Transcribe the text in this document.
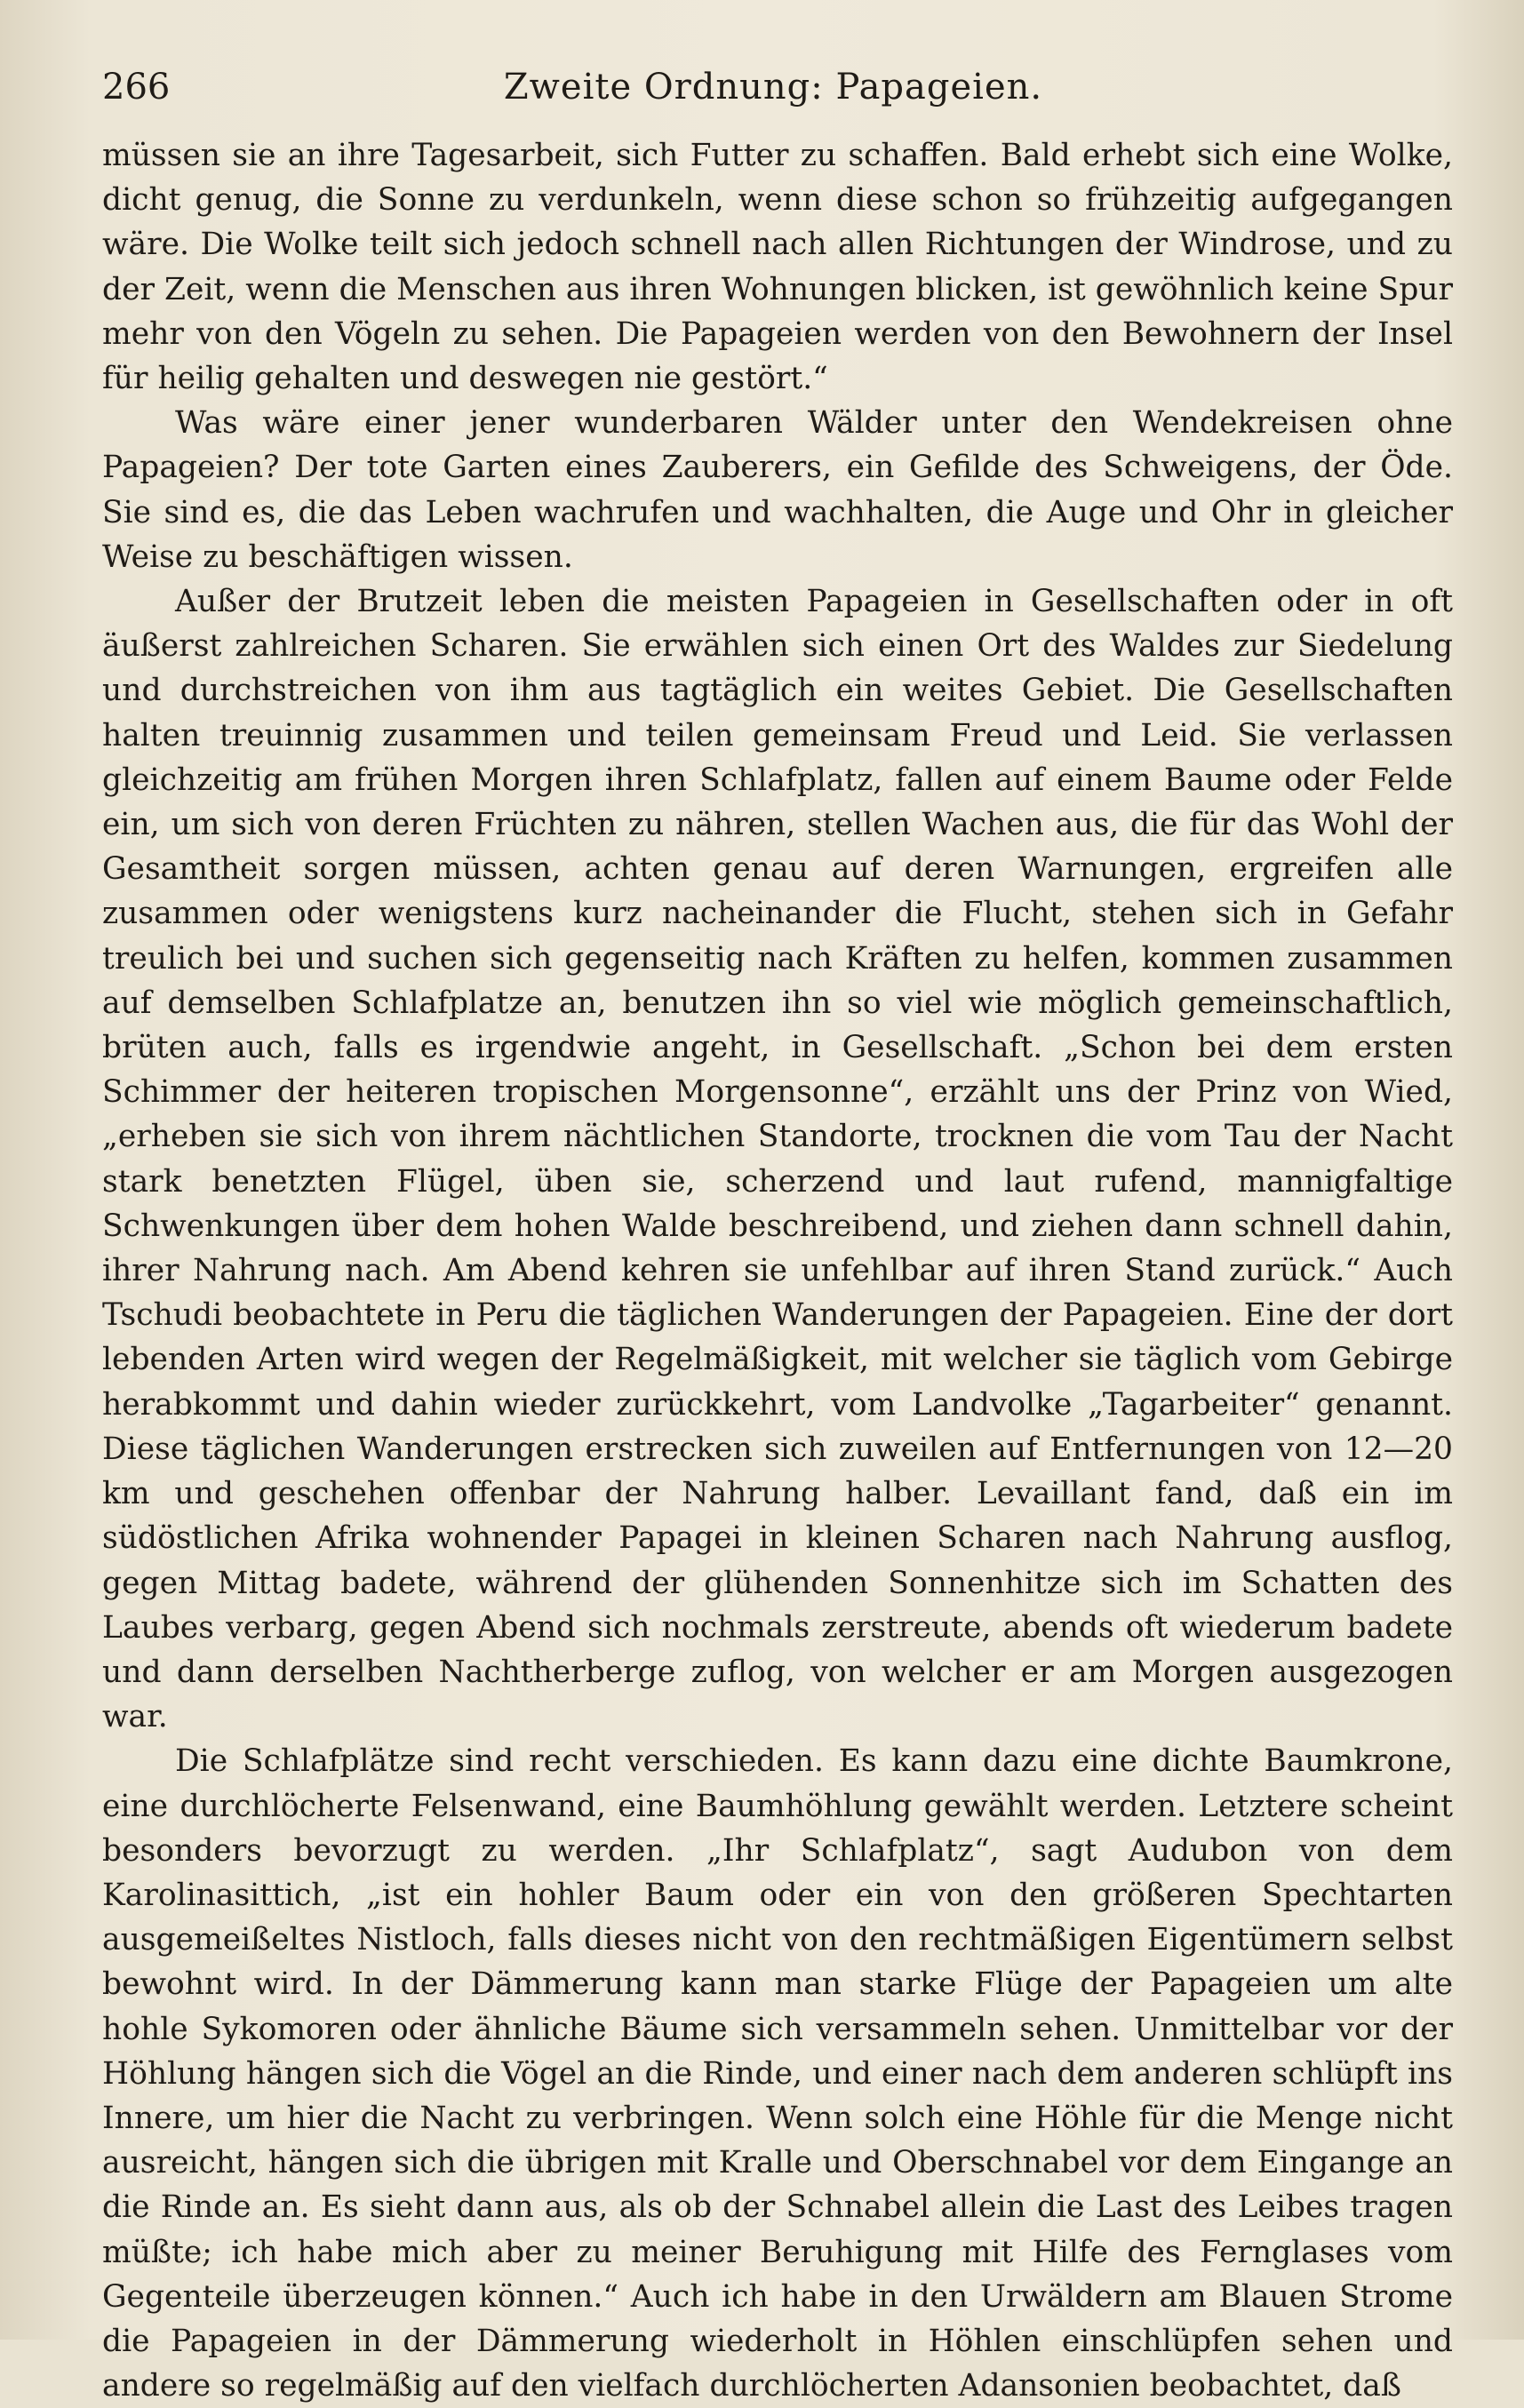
266	Zweite Ordnung: Papageien.

müssen sie an ihre Tagesarbeit, sich Futter zu schaffen. Bald erhebt sich eine Wolke, dicht genug, die Sonne zu verdunkeln, wenn diese schon so frühzeitig aufgegangen wäre. Die Wolke teilt sich jedoch schnell nach allen Richtungen der Windrose, und zu der Zeit, wenn die Menschen aus ihren Wohnungen blicken, ist gewöhnlich keine Spur mehr von den Vögeln zu sehen. Die Papageien werden von den Bewohnern der Insel für heilig gehalten und deswegen nie gestört.“

Was wäre einer jener wunderbaren Wälder unter den Wendekreisen ohne Papageien? Der tote Garten eines Zauberers, ein Gefilde des Schweigens, der Öde. Sie sind es, die das Leben wachrufen und wachhalten, die Auge und Ohr in gleicher Weise zu beschäftigen wissen.

Außer der Brutzeit leben die meisten Papageien in Gesellschaften oder in oft äußerst zahlreichen Scharen. Sie erwählen sich einen Ort des Waldes zur Siedelung und durchstreichen von ihm aus tagtäglich ein weites Gebiet. Die Gesellschaften halten treuinnig zusammen und teilen gemeinsam Freud und Leid. Sie verlassen gleichzeitig am frühen Morgen ihren Schlafplatz, fallen auf einem Baume oder Felde ein, um sich von deren Früchten zu nähren, stellen Wachen aus, die für das Wohl der Gesamtheit sorgen müssen, achten genau auf deren Warnungen, ergreifen alle zusammen oder wenigstens kurz nacheinander die Flucht, stehen sich in Gefahr treulich bei und suchen sich gegenseitig nach Kräften zu helfen, kommen zusammen auf demselben Schlafplatze an, benutzen ihn so viel wie möglich gemeinschaftlich, brüten auch, falls es irgendwie angeht, in Gesellschaft. „Schon bei dem ersten Schimmer der heiteren tropischen Morgensonne“, erzählt uns der Prinz von Wied, „erheben sie sich von ihrem nächtlichen Standorte, trocknen die vom Tau der Nacht stark benetzten Flügel, üben sie, scherzend und laut rufend, mannigfaltige Schwenkungen über dem hohen Walde beschreibend, und ziehen dann schnell dahin, ihrer Nahrung nach. Am Abend kehren sie unfehlbar auf ihren Stand zurück.“ Auch Tschudi beobachtete in Peru die täglichen Wanderungen der Papageien. Eine der dort lebenden Arten wird wegen der Regelmäßigkeit, mit welcher sie täglich vom Gebirge herabkommt und dahin wieder zurückkehrt, vom Landvolke „Tagarbeiter“ genannt. Diese täglichen Wanderungen erstrecken sich zuweilen auf Entfernungen von 12—20 km und geschehen offenbar der Nahrung halber. Levaillant fand, daß ein im südöstlichen Afrika wohnender Papagei in kleinen Scharen nach Nahrung ausflog, gegen Mittag badete, während der glühenden Sonnenhitze sich im Schatten des Laubes verbarg, gegen Abend sich nochmals zerstreute, abends oft wiederum badete und dann derselben Nachtherberge zuflog, von welcher er am Morgen ausgezogen war.

Die Schlafplätze sind recht verschieden. Es kann dazu eine dichte Baumkrone, eine durchlöcherte Felsenwand, eine Baumhöhlung gewählt werden. Letztere scheint besonders bevorzugt zu werden. „Ihr Schlafplatz“, sagt Audubon von dem Karolinasittich, „ist ein hohler Baum oder ein von den größeren Spechtarten ausgemeißeltes Nistloch, falls dieses nicht von den rechtmäßigen Eigentümern selbst bewohnt wird. In der Dämmerung kann man starke Flüge der Papageien um alte hohle Sykomoren oder ähnliche Bäume sich versammeln sehen. Unmittelbar vor der Höhlung hängen sich die Vögel an die Rinde, und einer nach dem anderen schlüpft ins Innere, um hier die Nacht zu verbringen. Wenn solch eine Höhle für die Menge nicht ausreicht, hängen sich die übrigen mit Kralle und Oberschnabel vor dem Eingange an die Rinde an. Es sieht dann aus, als ob der Schnabel allein die Last des Leibes tragen müßte; ich habe mich aber zu meiner Beruhigung mit Hilfe des Fernglases vom Gegenteile überzeugen können.“ Auch ich habe in den Urwäldern am Blauen Strome die Papageien in der Dämmerung wiederholt in Höhlen einschlüpfen sehen und andere so regelmäßig auf den vielfach durchlöcherten Adansonien beobachtet, daß
